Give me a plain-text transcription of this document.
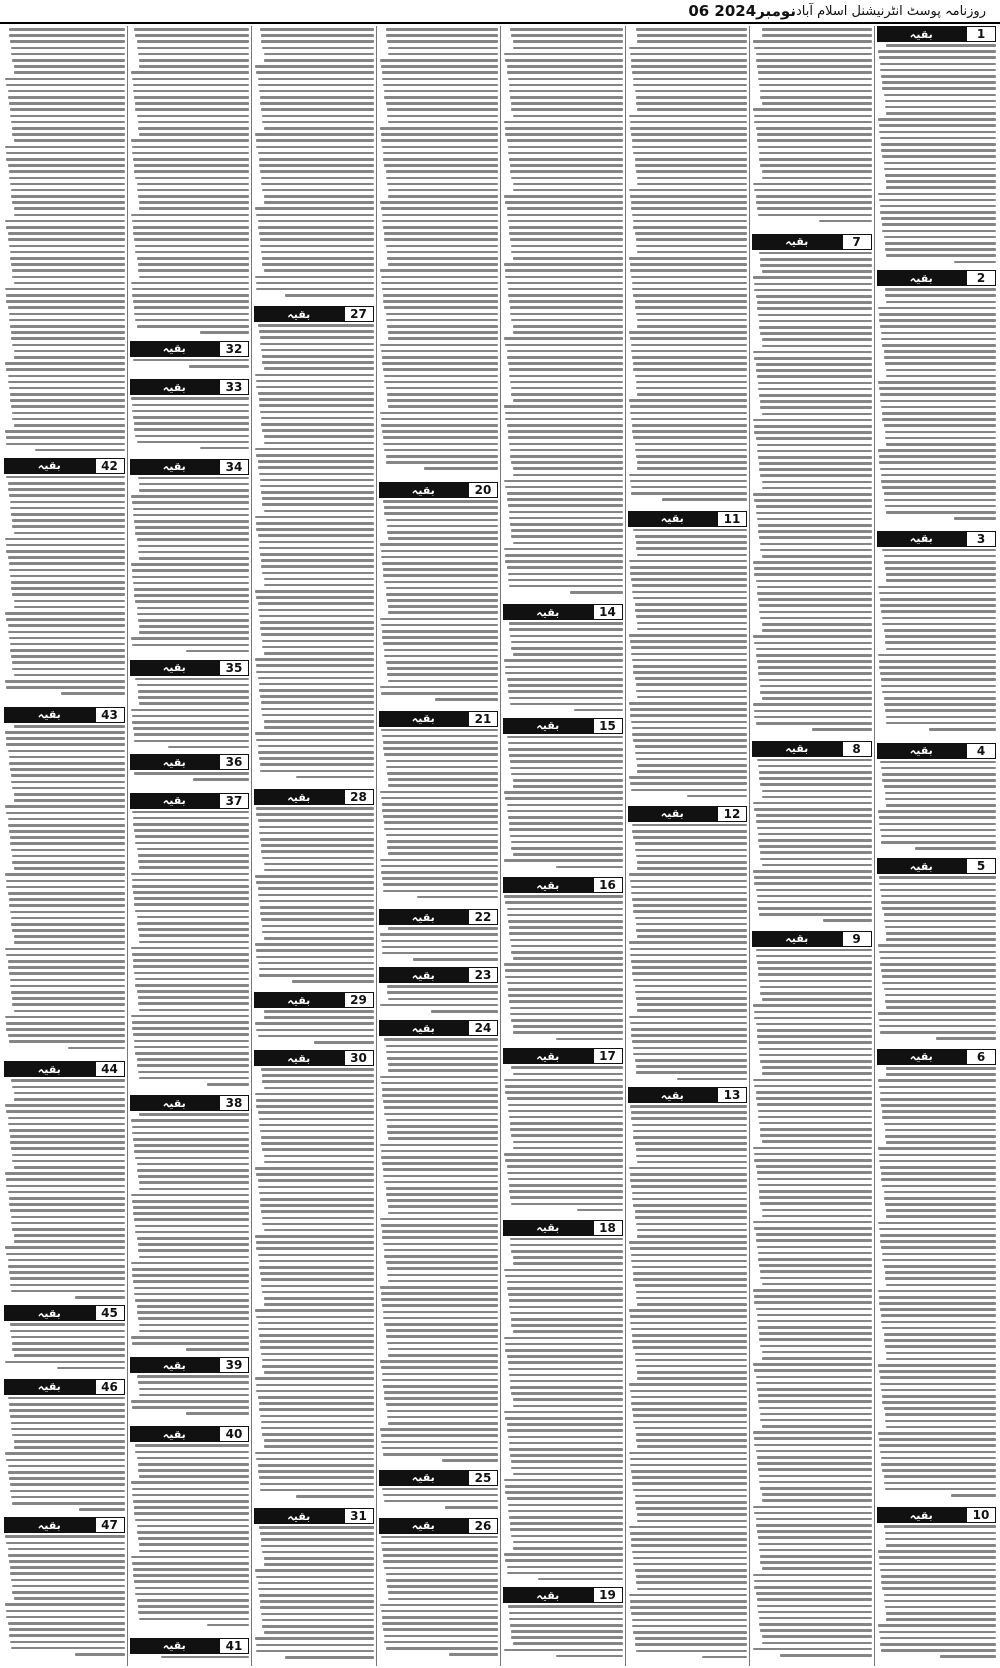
06 نومبر2024 روزنامہ پوسٹ انٹرنیشنل اسلام آباد
بقیہ	1
بقیہ	2
بقیہ	3
بقیہ	4
بقیہ	5
بقیہ	6
بقیہ	10
بقیہ	7
بقیہ	8
بقیہ	9
بقیہ	11
بقیہ	12
بقیہ	13
بقیہ	14
بقیہ	15
بقیہ	16
بقیہ	17
بقیہ	18
بقیہ	19
بقیہ	20
بقیہ	21
بقیہ	22
بقیہ	23
بقیہ	24
بقیہ	25
بقیہ	26
بقیہ	27
بقیہ	28
بقیہ	29
بقیہ	30
بقیہ	31
بقیہ	32
بقیہ	33
بقیہ	34
بقیہ	35
بقیہ	36
بقیہ	37
بقیہ	38
بقیہ	39
بقیہ	40
بقیہ	41
بقیہ	42
بقیہ	43
بقیہ	44
بقیہ	45
بقیہ	46
بقیہ	47
